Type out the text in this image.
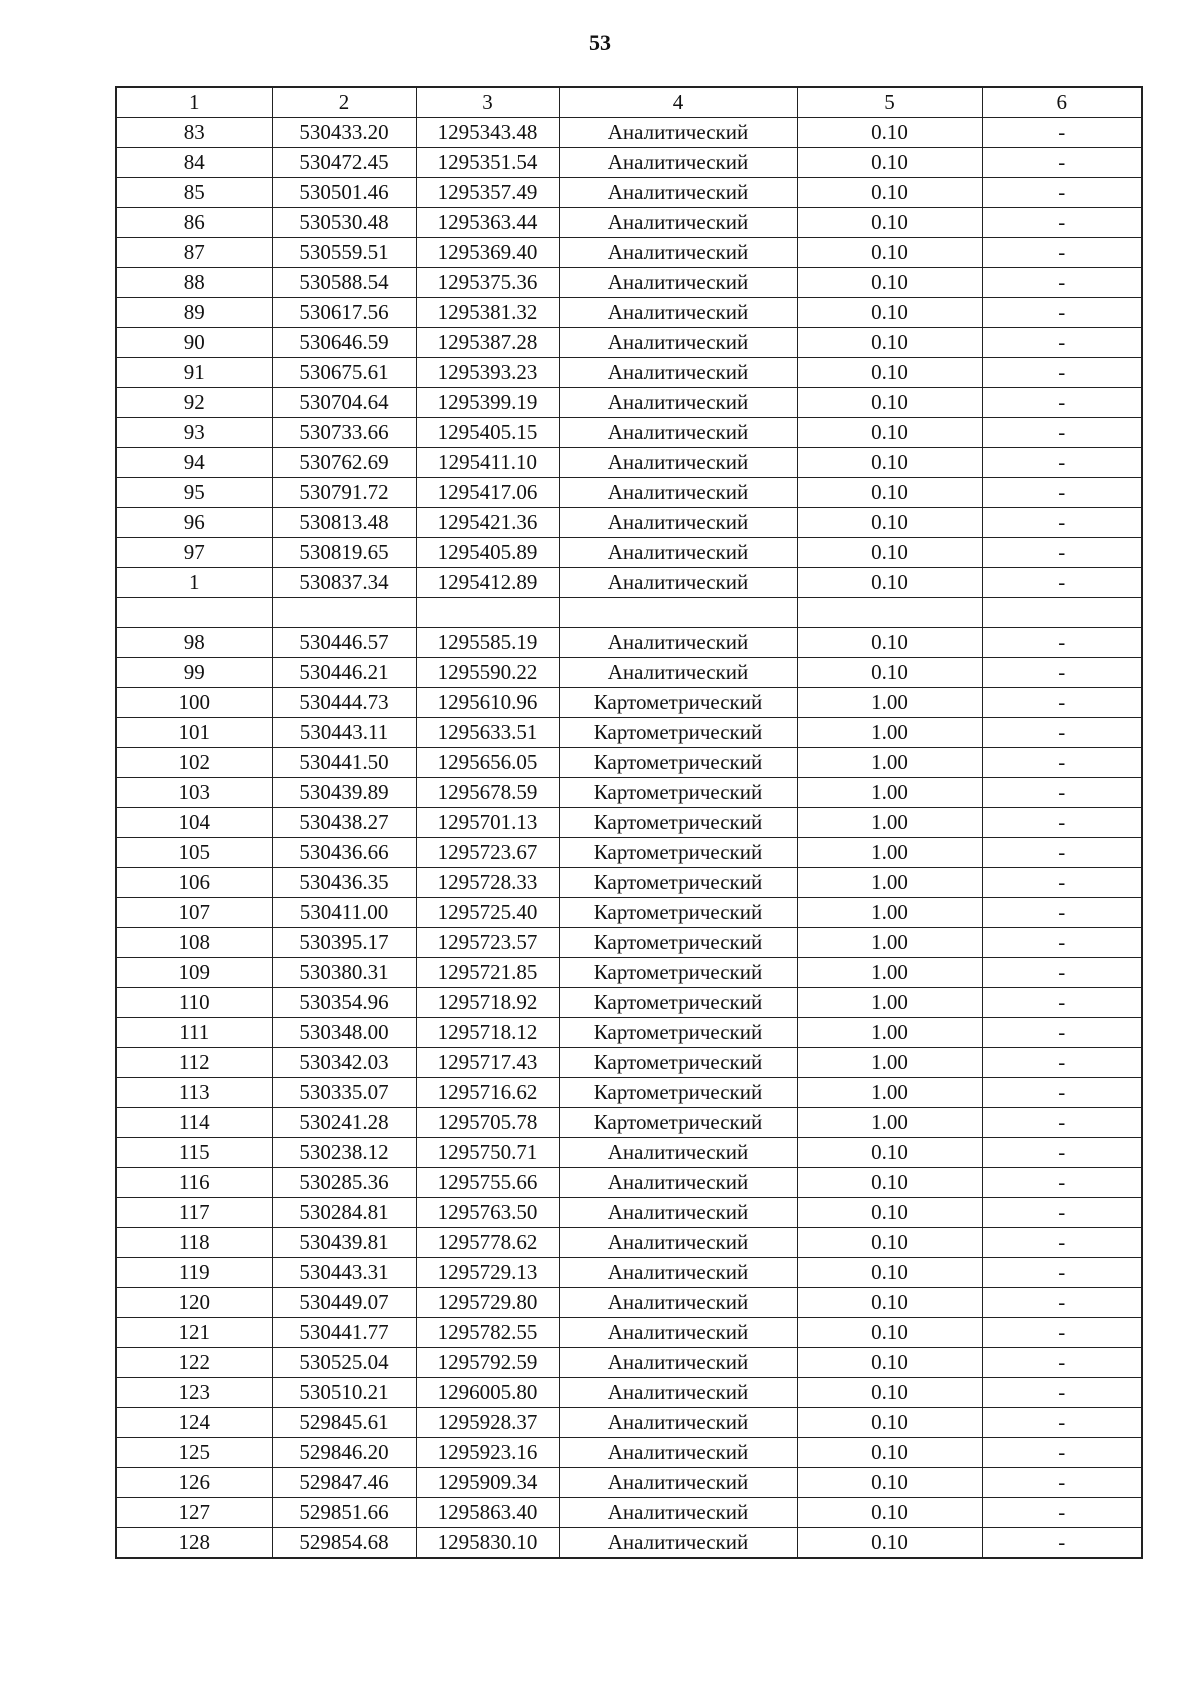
53
1	2	3	4	5	6
83	530433.20	1295343.48	Аналитический	0.10	-
84	530472.45	1295351.54	Аналитический	0.10	-
85	530501.46	1295357.49	Аналитический	0.10	-
86	530530.48	1295363.44	Аналитический	0.10	-
87	530559.51	1295369.40	Аналитический	0.10	-
88	530588.54	1295375.36	Аналитический	0.10	-
89	530617.56	1295381.32	Аналитический	0.10	-
90	530646.59	1295387.28	Аналитический	0.10	-
91	530675.61	1295393.23	Аналитический	0.10	-
92	530704.64	1295399.19	Аналитический	0.10	-
93	530733.66	1295405.15	Аналитический	0.10	-
94	530762.69	1295411.10	Аналитический	0.10	-
95	530791.72	1295417.06	Аналитический	0.10	-
96	530813.48	1295421.36	Аналитический	0.10	-
97	530819.65	1295405.89	Аналитический	0.10	-
1	530837.34	1295412.89	Аналитический	0.10	-

98	530446.57	1295585.19	Аналитический	0.10	-
99	530446.21	1295590.22	Аналитический	0.10	-
100	530444.73	1295610.96	Картометрический	1.00	-
101	530443.11	1295633.51	Картометрический	1.00	-
102	530441.50	1295656.05	Картометрический	1.00	-
103	530439.89	1295678.59	Картометрический	1.00	-
104	530438.27	1295701.13	Картометрический	1.00	-
105	530436.66	1295723.67	Картометрический	1.00	-
106	530436.35	1295728.33	Картометрический	1.00	-
107	530411.00	1295725.40	Картометрический	1.00	-
108	530395.17	1295723.57	Картометрический	1.00	-
109	530380.31	1295721.85	Картометрический	1.00	-
110	530354.96	1295718.92	Картометрический	1.00	-
111	530348.00	1295718.12	Картометрический	1.00	-
112	530342.03	1295717.43	Картометрический	1.00	-
113	530335.07	1295716.62	Картометрический	1.00	-
114	530241.28	1295705.78	Картометрический	1.00	-
115	530238.12	1295750.71	Аналитический	0.10	-
116	530285.36	1295755.66	Аналитический	0.10	-
117	530284.81	1295763.50	Аналитический	0.10	-
118	530439.81	1295778.62	Аналитический	0.10	-
119	530443.31	1295729.13	Аналитический	0.10	-
120	530449.07	1295729.80	Аналитический	0.10	-
121	530441.77	1295782.55	Аналитический	0.10	-
122	530525.04	1295792.59	Аналитический	0.10	-
123	530510.21	1296005.80	Аналитический	0.10	-
124	529845.61	1295928.37	Аналитический	0.10	-
125	529846.20	1295923.16	Аналитический	0.10	-
126	529847.46	1295909.34	Аналитический	0.10	-
127	529851.66	1295863.40	Аналитический	0.10	-
128	529854.68	1295830.10	Аналитический	0.10	-
